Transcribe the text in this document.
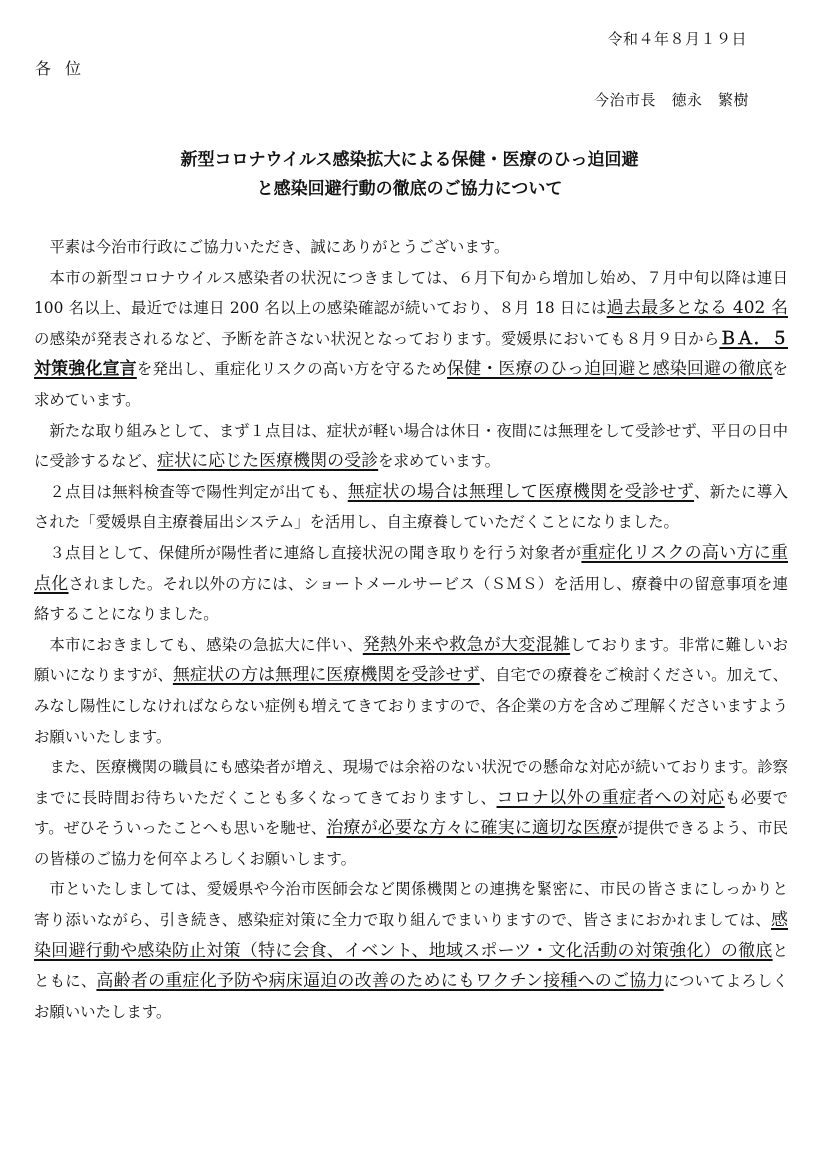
令和４年８月１９日
各位
今治市長　徳永　繁樹
新型コロナウイルス感染拡大による保健・医療のひっ迫回避
と感染回避行動の徹底のご協力について

平素は今治市行政にご協力いただき、誠にありがとうございます。

本市の新型コロナウイルス感染者の状況につきましては、６月下旬から増加し始め、７月中旬以降は連日 100 名以上、最近では連日 200 名以上の感染確認が続いており、８月 18 日には過去最多となる 402 名の感染が発表されるなど、予断を許さない状況となっております。愛媛県においても８月９日からＢＡ．５対策強化宣言を発出し、重症化リスクの高い方を守るため保健・医療のひっ迫回避と感染回避の徹底を求めています。

新たな取り組みとして、まず１点目は、症状が軽い場合は休日・夜間には無理をして受診せず、平日の日中に受診するなど、症状に応じた医療機関の受診を求めています。

２点目は無料検査等で陽性判定が出ても、無症状の場合は無理して医療機関を受診せず、新たに導入された「愛媛県自主療養届出システム」を活用し、自主療養していただくことになりました。

３点目として、保健所が陽性者に連絡し直接状況の聞き取りを行う対象者が重症化リスクの高い方に重点化されました。それ以外の方には、ショートメールサービス（ＳＭＳ）を活用し、療養中の留意事項を連絡することになりました。

本市におきましても、感染の急拡大に伴い、発熱外来や救急が大変混雑しております。非常に難しいお願いになりますが、無症状の方は無理に医療機関を受診せず、自宅での療養をご検討ください。加えて、みなし陽性にしなければならない症例も増えてきておりますので、各企業の方を含めご理解くださいますようお願いいたします。

また、医療機関の職員にも感染者が増え、現場では余裕のない状況での懸命な対応が続いております。診察までに長時間お待ちいただくことも多くなってきておりますし、コロナ以外の重症者への対応も必要です。ぜひそういったことへも思いを馳せ、治療が必要な方々に確実に適切な医療が提供できるよう、市民の皆様のご協力を何卒よろしくお願いします。

市といたしましては、愛媛県や今治市医師会など関係機関との連携を緊密に、市民の皆さまにしっかりと寄り添いながら、引き続き、感染症対策に全力で取り組んでまいりますので、皆さまにおかれましては、感染回避行動や感染防止対策（特に会食、イベント、地域スポーツ・文化活動の対策強化）の徹底とともに、高齢者の重症化予防や病床逼迫の改善のためにもワクチン接種へのご協力についてよろしくお願いいたします。
